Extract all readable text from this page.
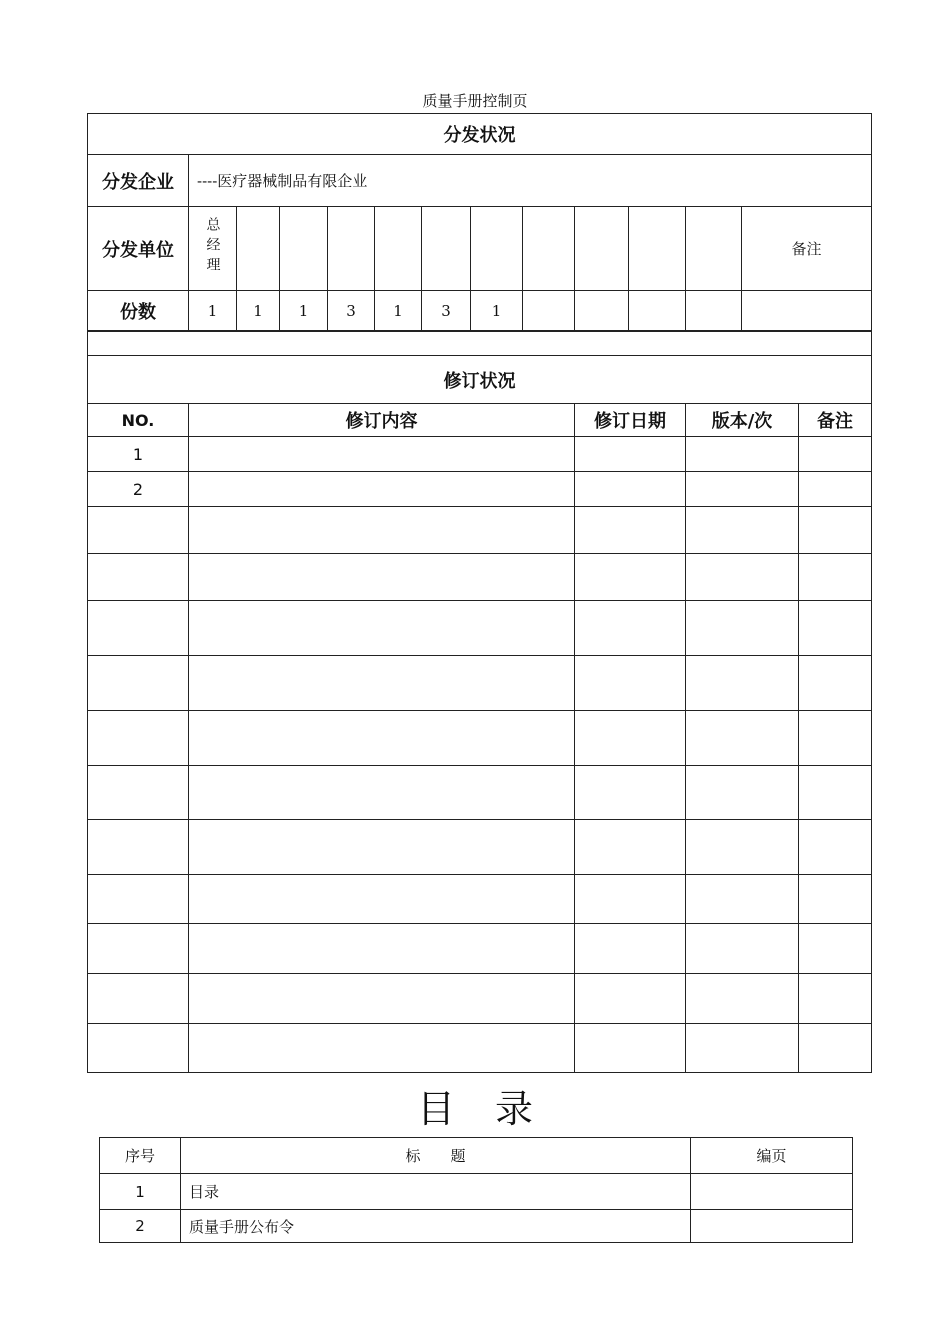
质量手册控制页
分发状况												
分发企业	----医疗器械制品有限企业											
分发单位	总经理											备注
份数	1	1	1	3	1	3	1					

修订状况				
NO.	修订内容	修订日期	版本/次	备注
1				
2				

目录
序号	标　　题	编页
1	目录	
2	质量手册公布令	
